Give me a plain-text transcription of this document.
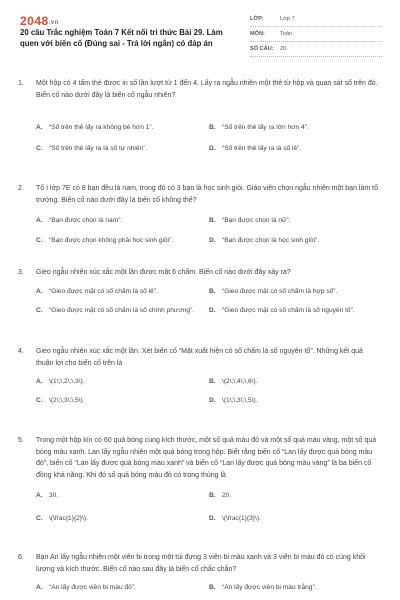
2048.vn
20 câu Trắc nghiệm Toán 7 Kết nối tri thức Bài 29. Làm quen với biến cố (Đúng sai - Trả lời ngắn) có đáp án
LỚP:	Lớp 7
MÔN:	Toán
SỐ CÂU:	20
1.	Một hộp có 4 tấm thẻ được in số lần lượt từ 1 đến 4. Lấy ra ngẫu nhiên một thẻ từ hộp và quan sát số trên đó. Biến cố nào dưới đây là biến cố ngẫu nhiên?
A. “Số trên thẻ lấy ra không bé hơn 1”.	B. “Số trên thẻ lấy ra lớn hơn 4”.
C. “Số trên thẻ lấy ra là số tự nhiên”.	D. “Số trên thẻ lấy ra là số lẻ”.
2.	Tổ I lớp 7E có 8 bạn đều là nam, trong đó có 3 bạn là học sinh giỏi. Giáo viên chọn ngẫu nhiên một bạn làm tổ trưởng. Biến cố nào dưới đây là biến cố không thể?
A. “Bạn được chọn là nam”.	B. “Bạn được chọn là nữ”.
C. “Bạn được chọn không phải học sinh giỏi”.	D. “Bạn được chọn là học sinh giỏi”.
3.	Gieo ngẫu nhiên xúc xắc một lần được mặt 6 chấm. Biến cố nào dưới đây xảy ra?
A. “Gieo được mặt có số chấm là số lẻ”.	B. “Gieo được mặt có số chấm là hợp số”.
C. “Gieo được mặt có số chấm là số chính phương”. D. “Gieo được mặt có số chấm là số nguyên tố”.
4.	Gieo ngẫu nhiên xúc xắc một lần. Xét biến cố “Mặt xuất hiện có số chấm là số nguyên tố”. Những kết quả thuận lợi cho biến cố trên là
A. \(1\;\,2\;\,3\).	B. \(2\;\,4\;\,6\).
C. \(2\;\,3\;\,5\).	D. \(1\;\,3\;\,5\).
5.	Trong một hộp kín có 60 quả bóng cùng kích thước, một số quả màu đỏ và một số quả màu vàng, một số quả bóng màu xanh. Lan lấy ngẫu nhiên một quả bóng trong hộp. Biết rằng biến cố “Lan lấy được quả bóng màu đỏ”, biến cố “Lan lấy được quả bóng màu xanh” và biến cố “Lan lấy được quả bóng màu vàng” là ba biến cố đồng khả năng. Khi đó số quả bóng màu đỏ có trong thùng là
A. 30.	B. 20.
C. \(\frac{1}{2}\).	D. \(\frac{1}{3}\).
6.	Bạn An lấy ngẫu nhiên một viên bi trong một túi đựng 3 viên bi màu xanh và 3 viên bi màu đỏ có cùng khối lượng và kích thước. Biến cố nào sau đây là biến cố chắc chắn?
A. “An lấy được viên bi màu đỏ”.	B. “An lấy được viên bi màu trắng”.
